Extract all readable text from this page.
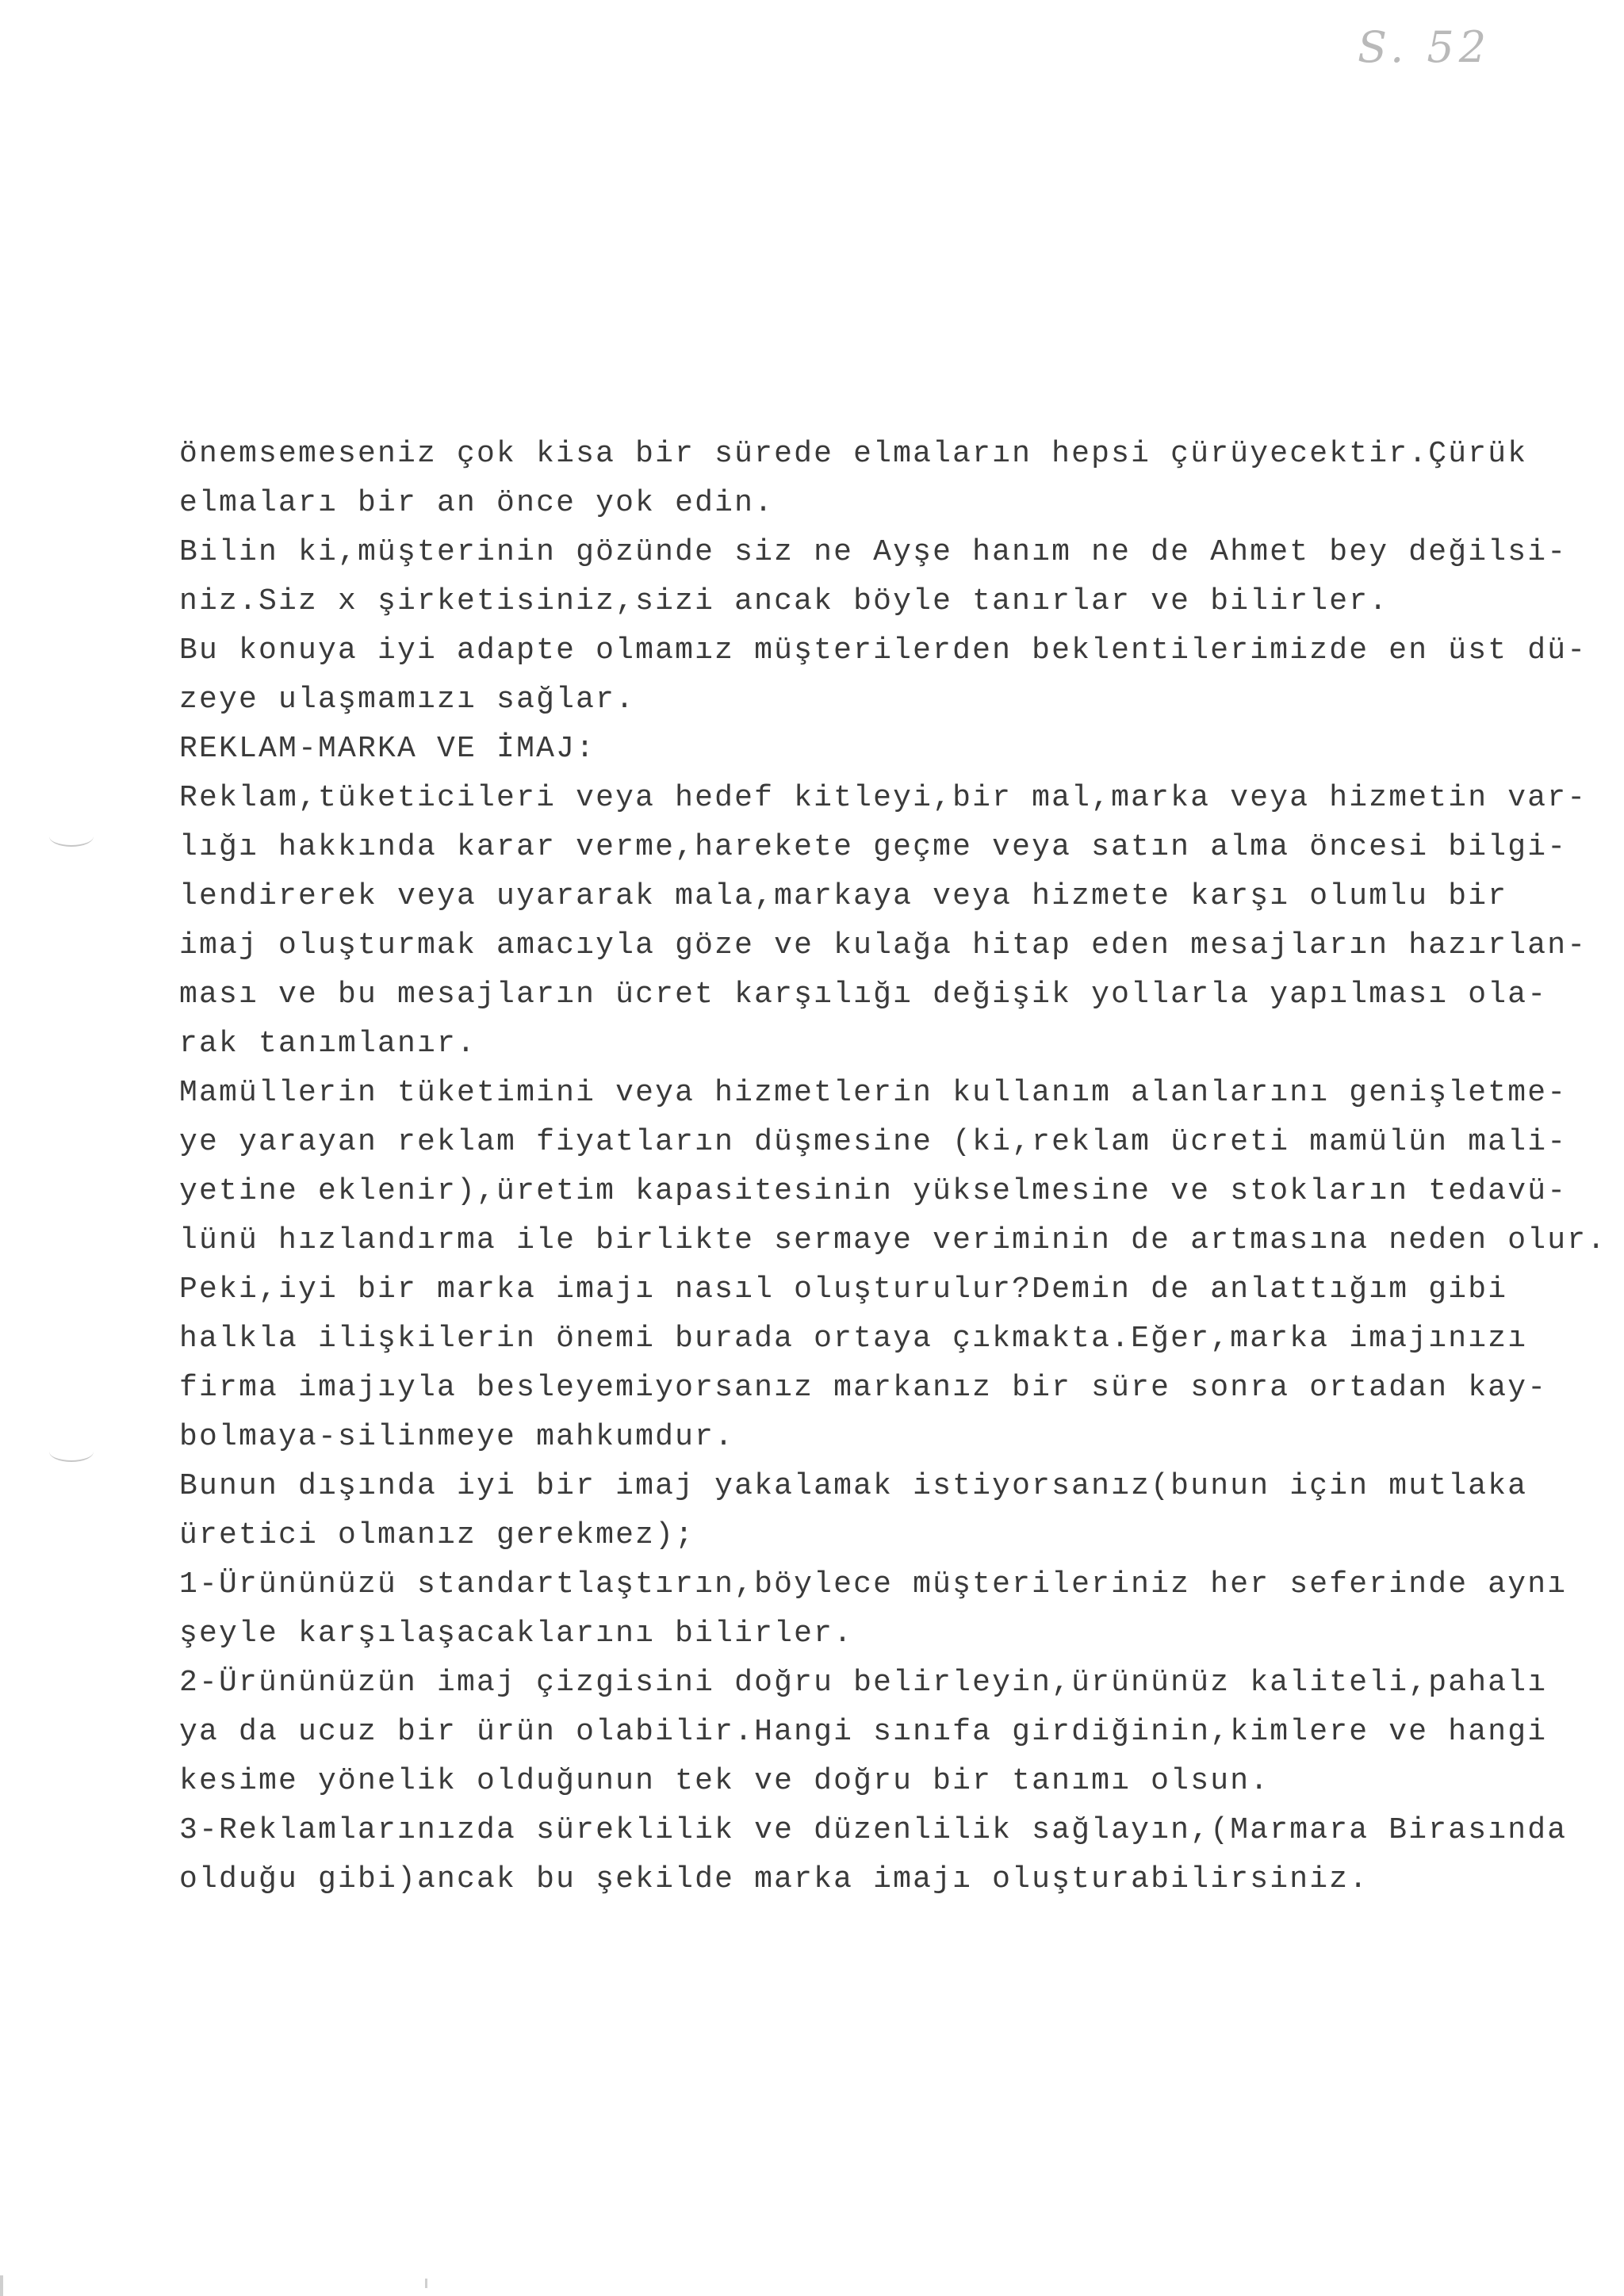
S. 52
önemsemeseniz çok kisa bir sürede elmaların hepsi çürüyecektir.Çürük
elmaları bir an önce yok edin.
Bilin ki,müşterinin gözünde siz ne Ayşe hanım ne de Ahmet bey değilsi-
niz.Siz x şirketisiniz,sizi ancak böyle tanırlar ve bilirler.
Bu konuya iyi adapte olmamız müşterilerden beklentilerimizde en üst dü-
zeye ulaşmamızı sağlar.
REKLAM-MARKA VE İMAJ:
Reklam,tüketicileri veya hedef kitleyi,bir mal,marka veya hizmetin var-
lığı hakkında karar verme,harekete geçme veya satın alma öncesi bilgi-
lendirerek veya uyararak mala,markaya veya hizmete karşı olumlu bir
imaj oluşturmak amacıyla göze ve kulağa hitap eden mesajların hazırlan-
ması ve bu mesajların ücret karşılığı değişik yollarla yapılması ola-
rak tanımlanır.
Mamüllerin tüketimini veya hizmetlerin kullanım alanlarını genişletme-
ye yarayan reklam fiyatların düşmesine (ki,reklam ücreti mamülün mali-
yetine eklenir),üretim kapasitesinin yükselmesine ve stokların tedavü-
lünü hızlandırma ile birlikte sermaye veriminin de artmasına neden olur.
Peki,iyi bir marka imajı nasıl oluşturulur?Demin de anlattığım gibi
halkla ilişkilerin önemi burada ortaya çıkmakta.Eğer,marka imajınızı
firma imajıyla besleyemiyorsanız markanız bir süre sonra ortadan kay-
bolmaya-silinmeye mahkumdur.
Bunun dışında iyi bir imaj yakalamak istiyorsanız(bunun için mutlaka
üretici olmanız gerekmez);
1-Ürününüzü standartlaştırın,böylece müşterileriniz her seferinde aynı
şeyle karşılaşacaklarını bilirler.
2-Ürününüzün imaj çizgisini doğru belirleyin,ürününüz kaliteli,pahalı
ya da ucuz bir ürün olabilir.Hangi sınıfa girdiğinin,kimlere ve hangi
kesime yönelik olduğunun tek ve doğru bir tanımı olsun.
3-Reklamlarınızda süreklilik ve düzenlilik sağlayın,(Marmara Birasında
olduğu gibi)ancak bu şekilde marka imajı oluşturabilirsiniz.
